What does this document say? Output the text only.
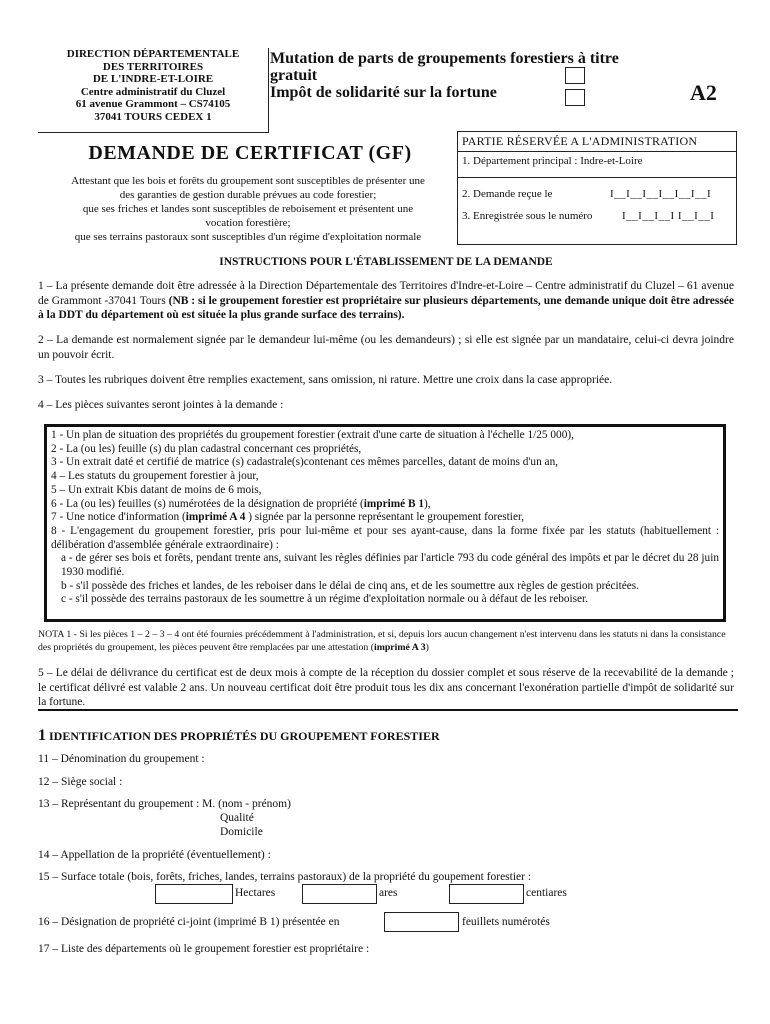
DIRECTION DÉPARTEMENTALE
DES TERRITOIRES
DE L'INDRE-ET-LOIRE
Centre administratif du Cluzel
61 avenue Grammont – CS74105
37041 TOURS CEDEX 1
Mutation de parts de groupements forestiers à titre
gratuit
Impôt de solidarité sur la fortune	A2
DEMANDE DE CERTIFICAT (GF)
Attestant que les bois et forêts du groupement sont susceptibles de présenter une
des garanties de gestion durable prévues au code forestier;
que ses friches et landes sont susceptibles de reboisement et présentent une
vocation forestière;
que ses terrains pastoraux sont susceptibles d'un régime d'exploitation normale
PARTIE RÉSERVÉE A L'ADMINISTRATION
1. Département principal : Indre-et-Loire
2. Demande reçue le	I__I__I__I__I__I__I
3. Enregistrée sous le numéro	I__I__I__I I__I__I
INSTRUCTIONS POUR L'ÉTABLISSEMENT DE LA DEMANDE
1 – La présente demande doit être adressée à la Direction Départementale des Territoires d'Indre-et-Loire – Centre administratif du Cluzel – 61 avenue de Grammont -37041 Tours (NB : si le groupement forestier est propriétaire sur plusieurs départements, une demande unique doit être adressée à la DDT du département où est située la plus grande surface des terrains).
2 – La demande est normalement signée par le demandeur lui-même (ou les demandeurs) ; si elle est signée par un mandataire, celui-ci devra joindre un pouvoir écrit.
3 – Toutes les rubriques doivent être remplies exactement, sans omission, ni rature. Mettre une croix dans la case appropriée.
4 – Les pièces suivantes seront jointes à la demande :
1 - Un plan de situation des propriétés du groupement forestier (extrait d'une carte de situation à l'échelle 1/25 000),
2 - La (ou les) feuille (s) du plan cadastral concernant ces propriétés,
3 - Un extrait daté et certifié de matrice (s) cadastrale(s)contenant ces mêmes parcelles, datant de moins d'un an,
4 – Les statuts du groupement forestier à jour,
5 – Un extrait Kbis datant de moins de 6 mois,
6 - La (ou les) feuilles (s) numérotées de la désignation de propriété (imprimé B 1),
7 - Une notice d'information (imprimé A 4 ) signée par la personne représentant le groupement forestier,
8 - L'engagement du groupement forestier, pris pour lui-même et pour ses ayant-cause, dans la forme fixée par les statuts (habituellement : délibération d'assemblée générale extraordinaire) :
a - de gérer ses bois et forêts, pendant trente ans, suivant les règles définies par l'article 793 du code général des impôts et par le décret du 28 juin 1930 modifié.
b - s'il possède des friches et landes, de les reboiser dans le délai de cinq ans, et de les soumettre aux règles de gestion précitées.
c - s'il possède des terrains pastoraux de les soumettre à un régime d'exploitation normale ou à défaut de les reboiser.
NOTA 1 - Si les pièces 1 – 2 – 3 – 4 ont été fournies précédemment à l'administration, et si, depuis lors aucun changement n'est intervenu dans les statuts ni dans la consistance des propriétés du groupement, les pièces peuvent être remplacées par une attestation (imprimé A 3)
5 – Le délai de délivrance du certificat est de deux mois à compte de la réception du dossier complet et sous réserve de la recevabilité de la demande ; le certificat délivré est valable 2 ans. Un nouveau certificat doit être produit tous les dix ans concernant l'exonération partielle d'impôt de solidarité sur la fortune.
1 IDENTIFICATION DES PROPRIÉTÉS DU GROUPEMENT FORESTIER
11 – Dénomination du groupement :
12 – Siège social :
13 – Représentant du groupement : M. (nom - prénom)
Qualité
Domicile
14 – Appellation de la propriété (éventuellement) :
15 – Surface totale (bois, forêts, friches, landes, terrains pastoraux) de la propriété du goupement forestier :
Hectares	ares	centiares
16 – Désignation de propriété ci-joint (imprimé B 1) présentée en	feuillets numérotés
17 – Liste des départements où le groupement forestier est propriétaire :
